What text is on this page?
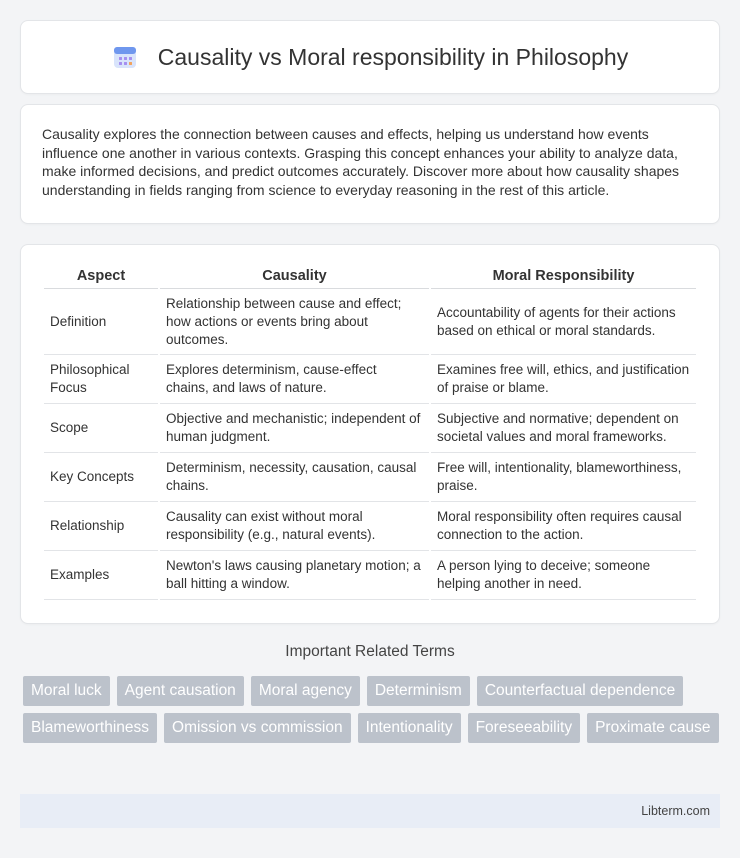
Causality vs Moral responsibility in Philosophy

Causality explores the connection between causes and effects, helping us understand how events influence one another in various contexts. Grasping this concept enhances your ability to analyze data, make informed decisions, and predict outcomes accurately. Discover more about how causality shapes understanding in fields ranging from science to everyday reasoning in the rest of this article.

Aspect	Causality	Moral Responsibility
Definition	Relationship between cause and effect; how actions or events bring about outcomes.	Accountability of agents for their actions based on ethical or moral standards.
Philosophical Focus	Explores determinism, cause-effect chains, and laws of nature.	Examines free will, ethics, and justification of praise or blame.
Scope	Objective and mechanistic; independent of human judgment.	Subjective and normative; dependent on societal values and moral frameworks.
Key Concepts	Determinism, necessity, causation, causal chains.	Free will, intentionality, blameworthiness, praise.
Relationship	Causality can exist without moral responsibility (e.g., natural events).	Moral responsibility often requires causal connection to the action.
Examples	Newton's laws causing planetary motion; a ball hitting a window.	A person lying to deceive; someone helping another in need.
Important Related Terms
Moral luck	Agent causation	Moral agency	Determinism	Counterfactual dependence
Blameworthiness	Omission vs commission	Intentionality	Foreseeability	Proximate cause
Libterm.com
